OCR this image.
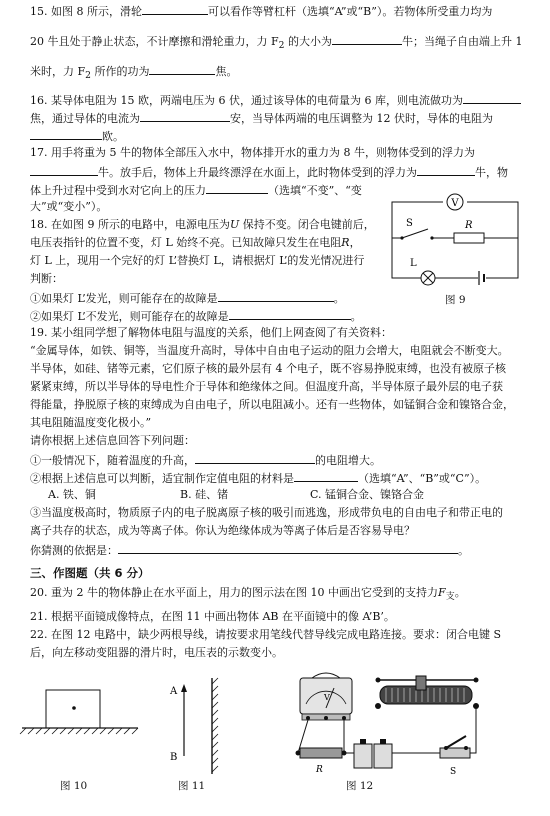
15. 如图 8 所示，滑轮	可以看作等臂杠杆（选填“A”或“B”）。若物体所受重力均为
20 牛且处于静止状态，不计摩擦和滑轮重力，力 $F_2$ 的大小为	牛；当绳子自由端上升 1
米时，力 $F_2$ 所作的功为	焦。
16. 某导体电阻为 15 欧，两端电压为 6 伏，通过该导体的电荷量为 6 库，则电流做功为
焦，通过导体的电流为	安，当导体两端的电压调整为 12 伏时，导体的电阻为
欧。
17. 用手将重为 5 牛的物体全部压入水中，物体排开水的重力为 8 牛，则物体受到的浮力为
牛。放手后，物体上升最终漂浮在水面上，此时物体受到的浮力为	牛，物
体上升过程中受到水对它向上的压力	（选填“不变”、“变
大”或“变小”）。
18. 在如图 9 所示的电路中，电源电压为U 保持不变。闭合电键前后，
电压表指针的位置不变，灯 L 始终不亮。已知故障只发生在电阻R，
灯 L 上，现用一个完好的灯 L’替换灯 L，请根据灯 L’的发光情况进行
判断：
①如果灯 L’发光，则可能存在的故障是	。
②如果灯 L’不发光，则可能存在的故障是	。
V
S	R
L
图 9
19. 某小组同学想了解物体电阻与温度的关系，他们上网查阅了有关资料：
“金属导体，如铁、铜等，当温度升高时，导体中自由电子运动的阻力会增大，电阻就会不断变大。
半导体，如硅、锗等元素，它们原子核的最外层有 4 个电子，既不容易挣脱束缚，也没有被原子核
紧紧束缚，所以半导体的导电性介于导体和绝缘体之间。但温度升高，半导体原子最外层的电子获
得能量，挣脱原子核的束缚成为自由电子，所以电阻减小。还有一些物体，如锰铜合金和镍铬合金，
其电阻随温度变化极小。”
请你根据上述信息回答下列问题：
①一般情况下，随着温度的升高，	的电阻增大。
②根据上述信息可以判断，适宜制作定值电阻的材料是	（选填“A”、“B”或“C”）。
A. 铁、铜	B. 硅、锗	C. 锰铜合金、镍铬合金
③当温度极高时，物质原子内的电子脱离原子核的吸引而逃逸，形成带负电的自由电子和带正电的
离子共存的状态，成为等离子体。你认为绝缘体成为等离子体后是否容易导电？
你猜测的依据是：	。
三、作图题（共 6 分）
20. 重为 2 牛的物体静止在水平面上，用力的图示法在图 10 中画出它受到的支持力$F_支$。
21. 根据平面镜成像特点，在图 11 中画出物体 AB 在平面镜中的像 A’B’。
22. 在图 12 电路中，缺少两根导线，请按要求用笔线代替导线完成电路连接。要求：闭合电键 S
后，向左移动变阻器的滑片时，电压表的示数变小。
图 10
A
B
图 11
V
R	S
图 12
